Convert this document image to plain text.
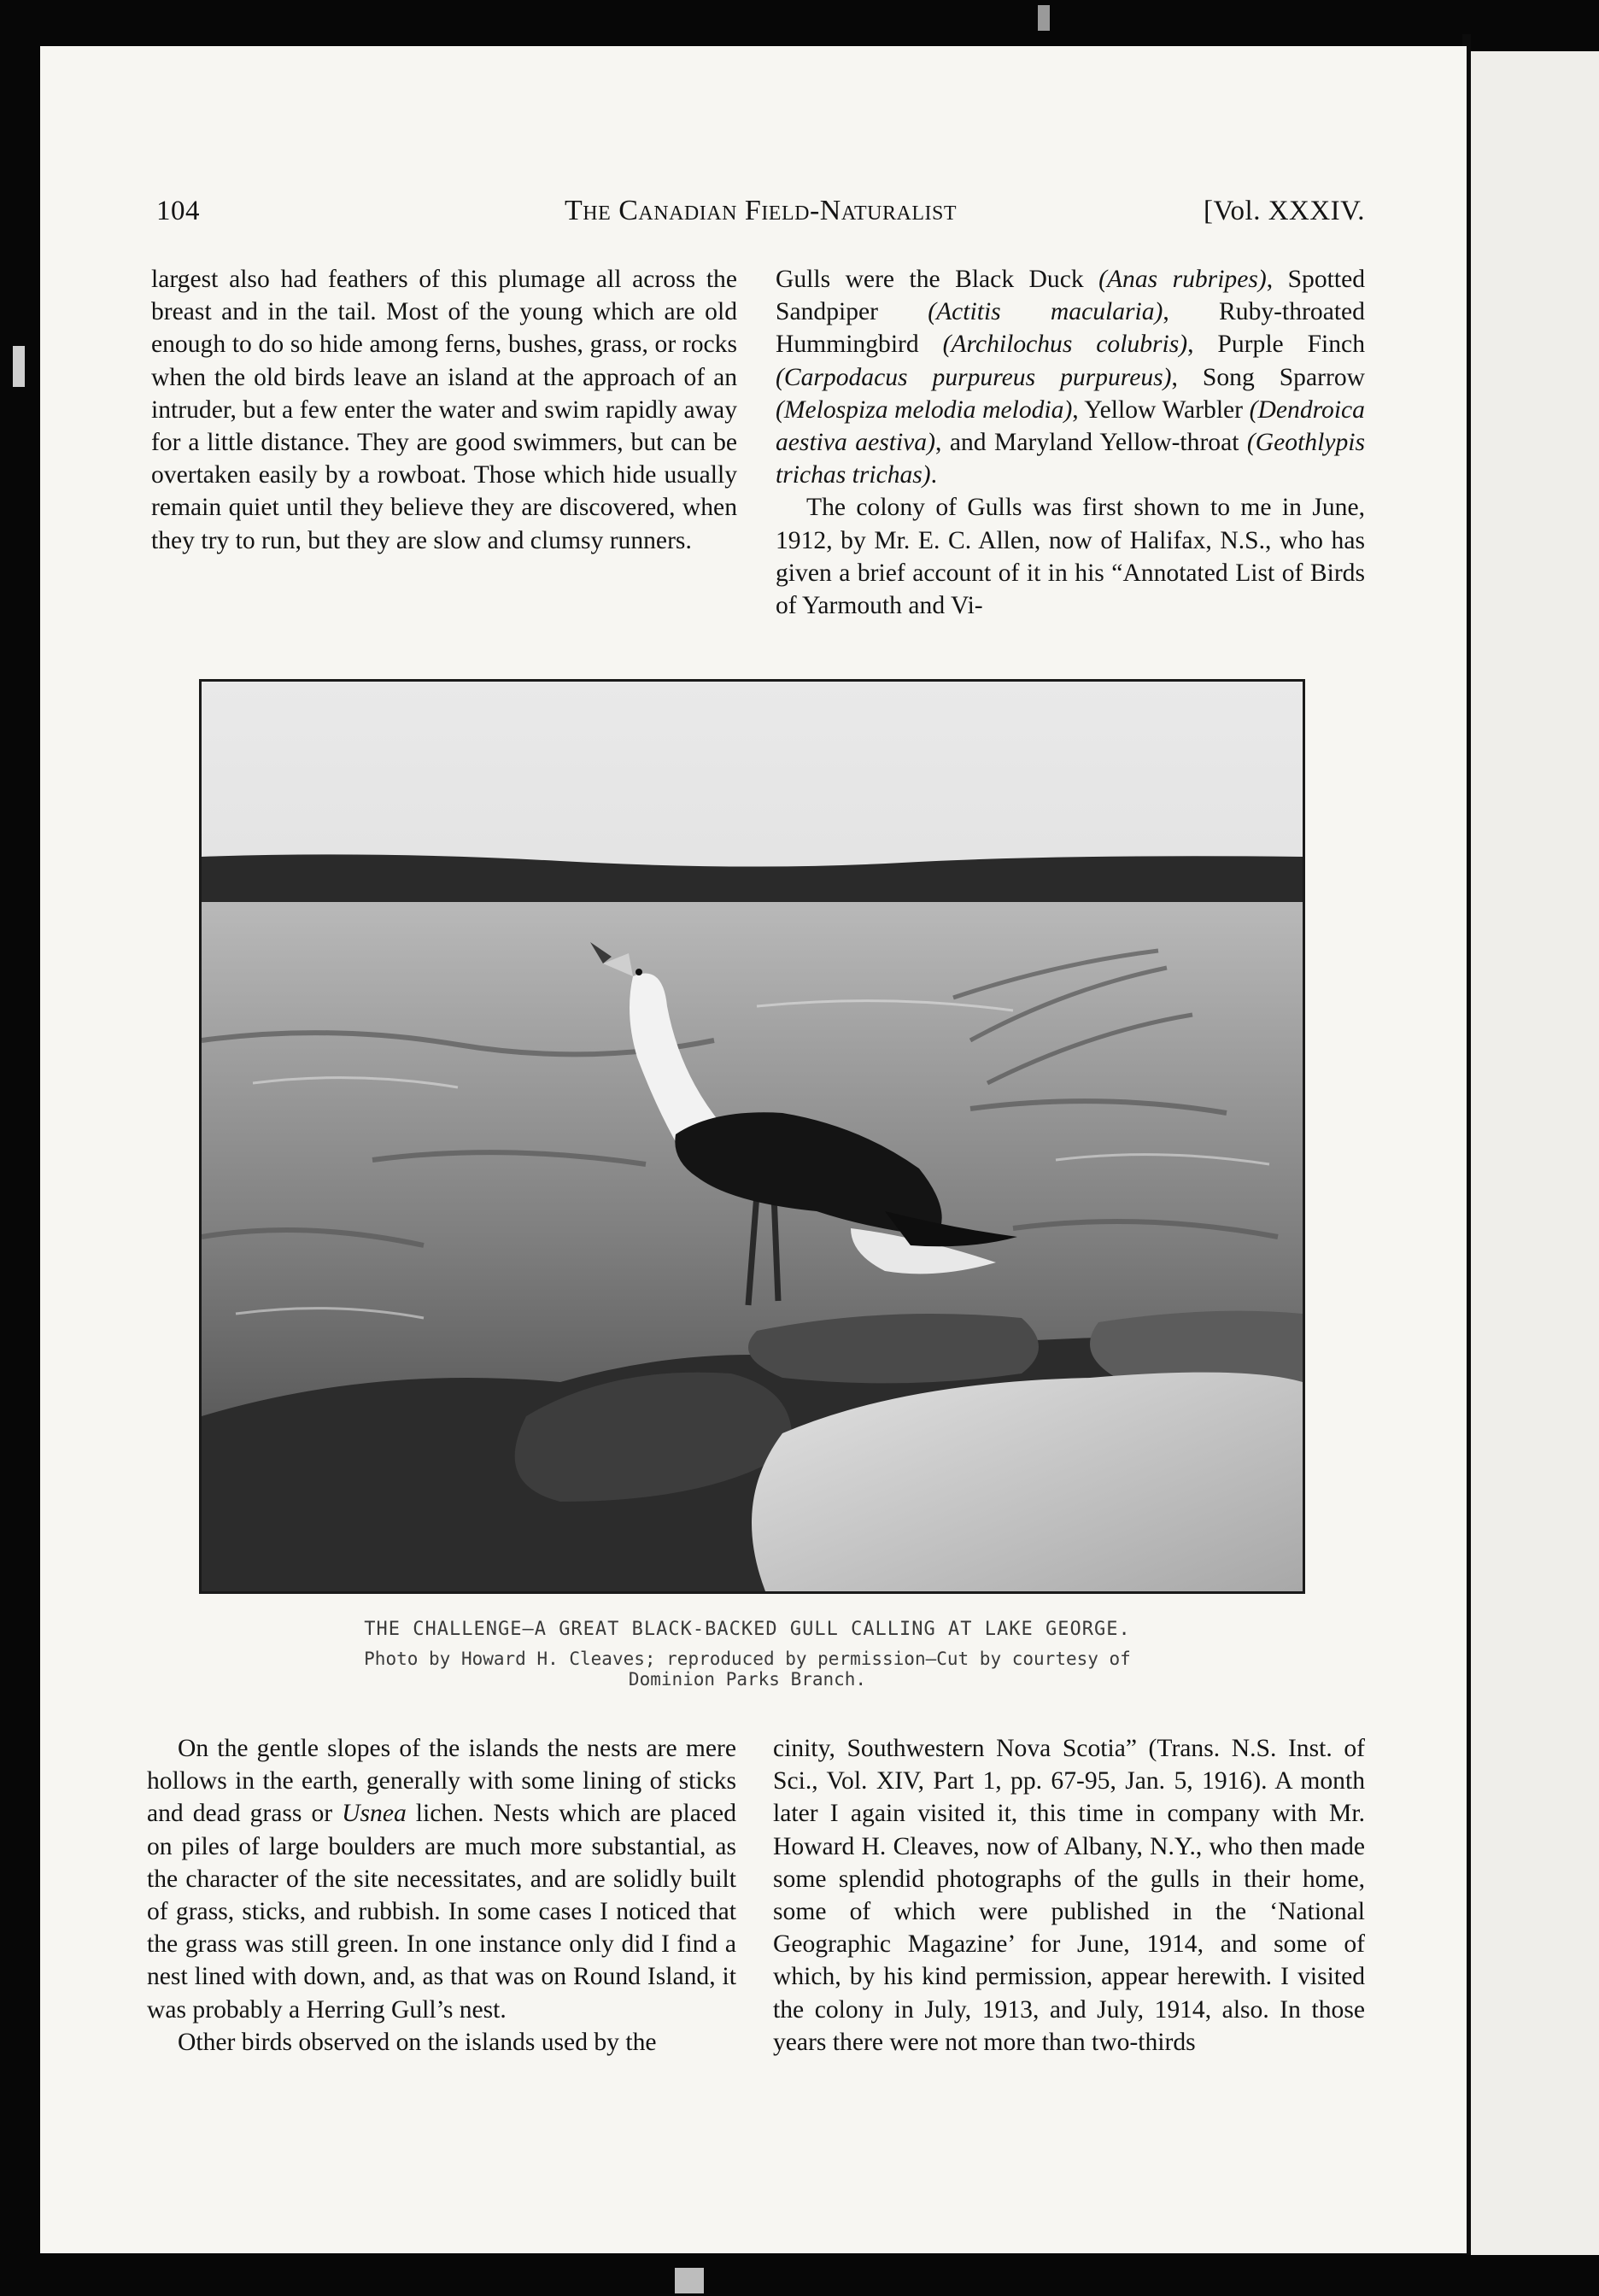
104	The Canadian Field-Naturalist	[Vol. XXXIV.

largest also had feathers of this plumage all across the breast and in the tail. Most of the young which are old enough to do so hide among ferns, bushes, grass, or rocks when the old birds leave an island at the approach of an intruder, but a few enter the water and swim rapidly away for a little distance. They are good swimmers, but can be overtaken easily by a rowboat. Those which hide usually remain quiet until they believe they are discovered, when they try to run, but they are slow and clumsy runners.

Gulls were the Black Duck (Anas rubripes), Spotted Sandpiper (Actitis macularia), Ruby-throated Hummingbird (Archilochus colubris), Purple Finch (Carpodacus purpureus purpureus), Song Sparrow (Melospiza melodia melodia), Yellow Warbler (Dendroica aestiva aestiva), and Maryland Yellow-throat (Geothlypis trichas trichas).

The colony of Gulls was first shown to me in June, 1912, by Mr. E. C. Allen, now of Halifax, N.S., who has given a brief account of it in his “Annotated List of Birds of Yarmouth and Vi-

THE CHALLENGE—A GREAT BLACK-BACKED GULL CALLING AT LAKE GEORGE.
Photo by Howard H. Cleaves; reproduced by permission—Cut by courtesy of
Dominion Parks Branch.

On the gentle slopes of the islands the nests are mere hollows in the earth, generally with some lining of sticks and dead grass or Usnea lichen. Nests which are placed on piles of large boulders are much more substantial, as the character of the site necessitates, and are solidly built of grass, sticks, and rubbish. In some cases I noticed that the grass was still green. In one instance only did I find a nest lined with down, and, as that was on Round Island, it was probably a Herring Gull’s nest.

Other birds observed on the islands used by the

cinity, Southwestern Nova Scotia” (Trans. N.S. Inst. of Sci., Vol. XIV, Part 1, pp. 67-95, Jan. 5, 1916). A month later I again visited it, this time in company with Mr. Howard H. Cleaves, now of Albany, N.Y., who then made some splendid photographs of the gulls in their home, some of which were published in the ‘National Geographic Magazine’ for June, 1914, and some of which, by his kind permission, appear herewith. I visited the colony in July, 1913, and July, 1914, also. In those years there were not more than two-thirds
